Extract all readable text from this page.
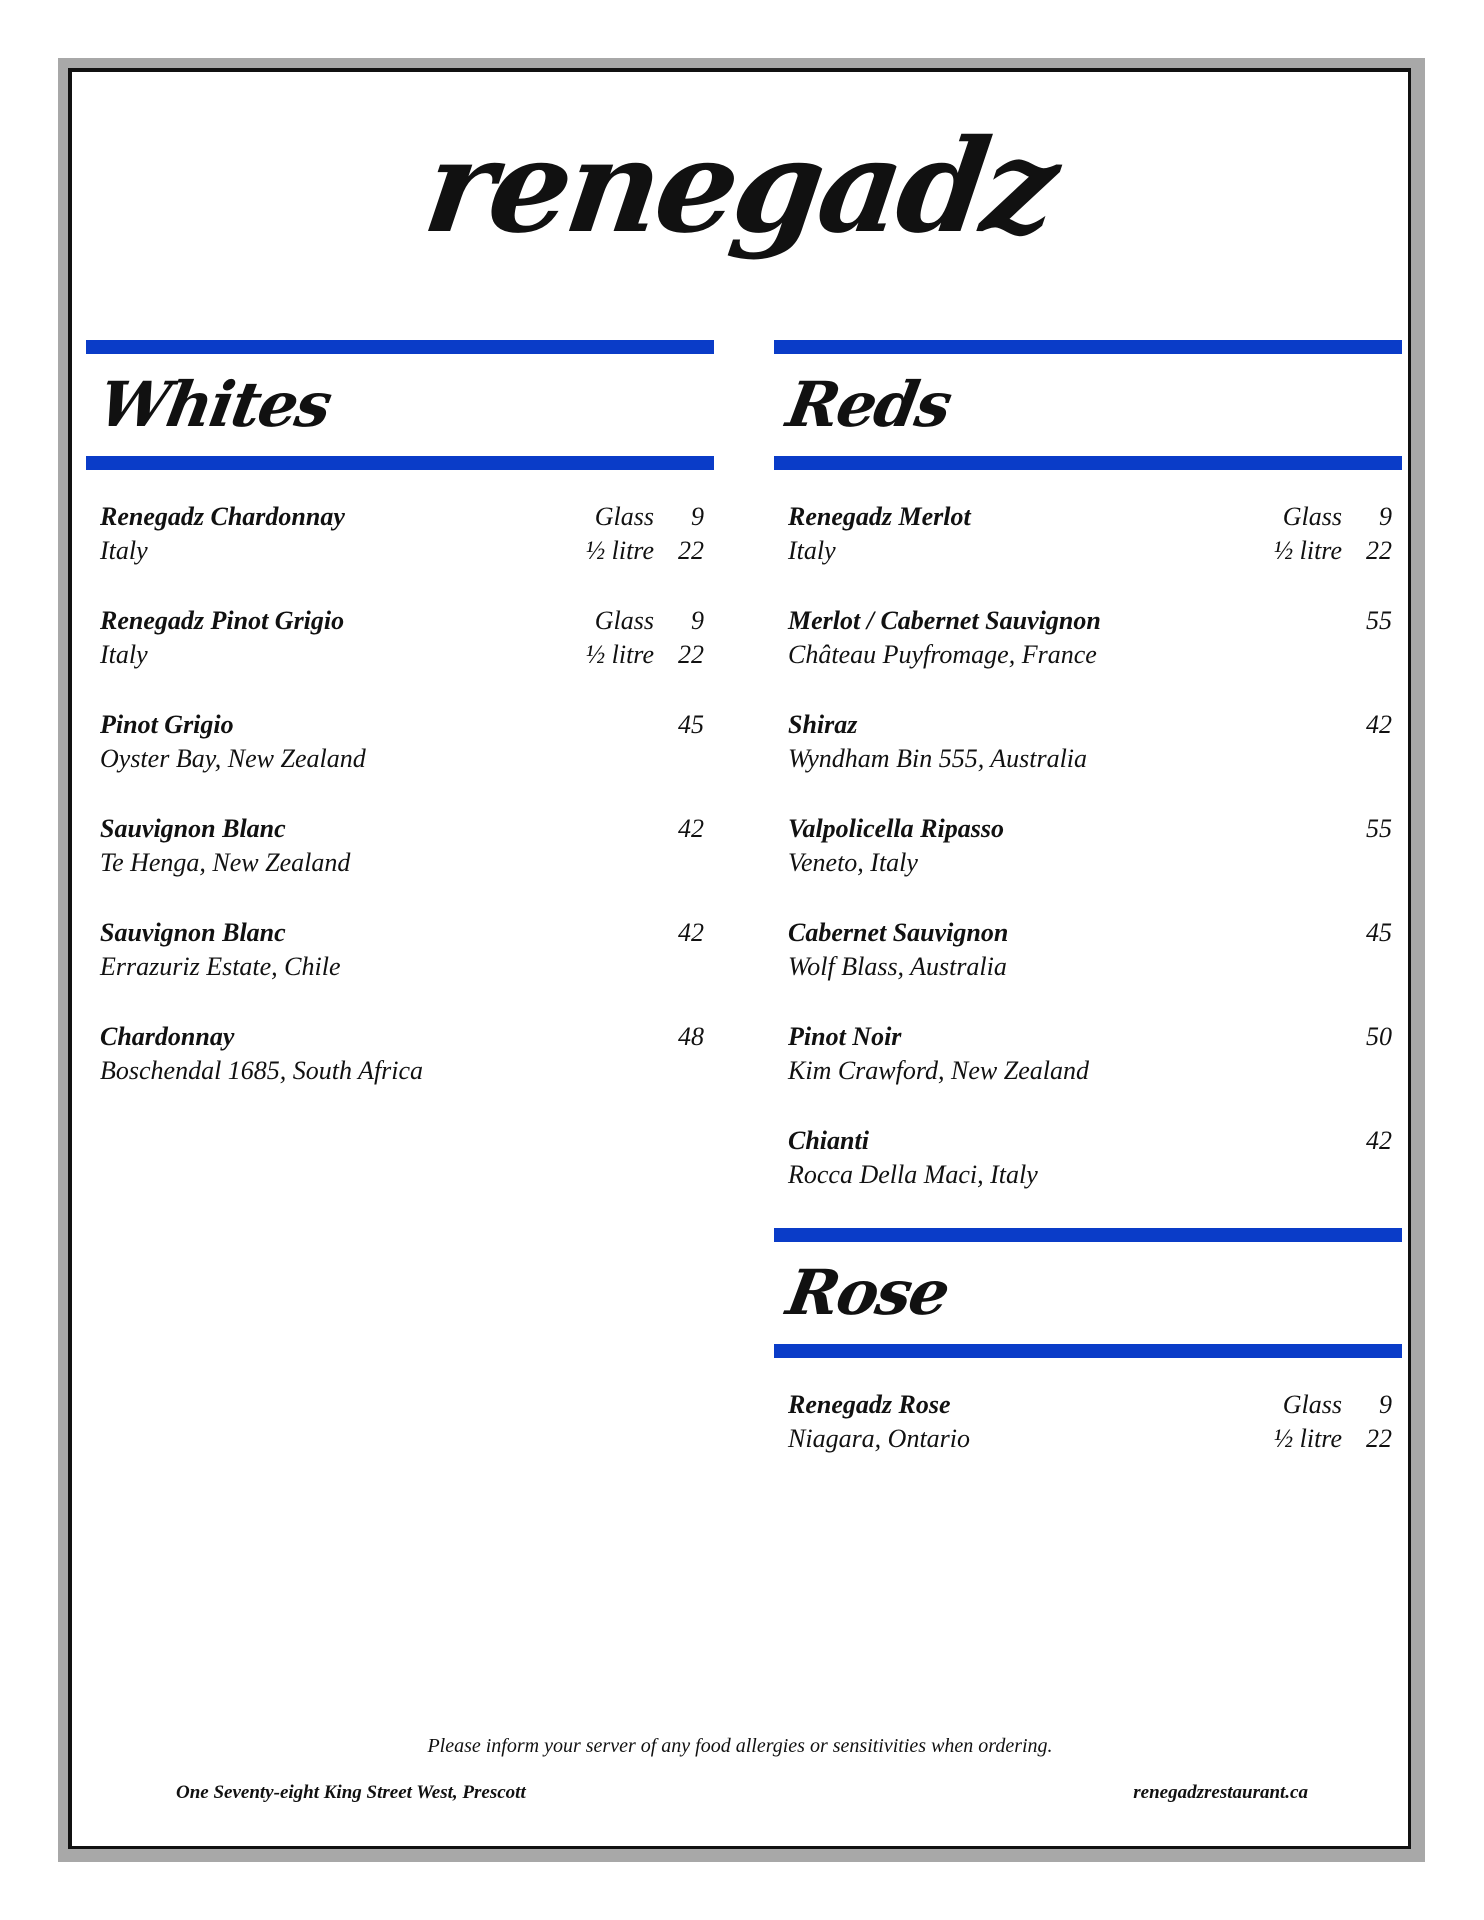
renegadz
Whites	Reds
Rose
Renegadz Chardonnay
Italy
Glass 9
½ litre 22
Renegadz Pinot Grigio
Italy
Glass 9
½ litre 22
Pinot Grigio
Oyster Bay, New Zealand
45
Sauvignon Blanc
Te Henga, New Zealand
42
Sauvignon Blanc
Errazuriz Estate, Chile
42
Chardonnay
Boschendal 1685, South Africa
48
Renegadz Merlot
Italy
Glass 9
½ litre 22
Merlot / Cabernet Sauvignon
Château Puyfromage, France
55
Shiraz
Wyndham Bin 555, Australia
42
Valpolicella Ripasso
Veneto, Italy
55
Cabernet Sauvignon
Wolf Blass, Australia
45
Pinot Noir
Kim Crawford, New Zealand
50
Chianti
Rocca Della Maci, Italy
42
Renegadz Rose
Niagara, Ontario
Glass 9
½ litre 22
Please inform your server of any food allergies or sensitivities when ordering.
One Seventy-eight King Street West, Prescott	renegadzrestaurant.ca
